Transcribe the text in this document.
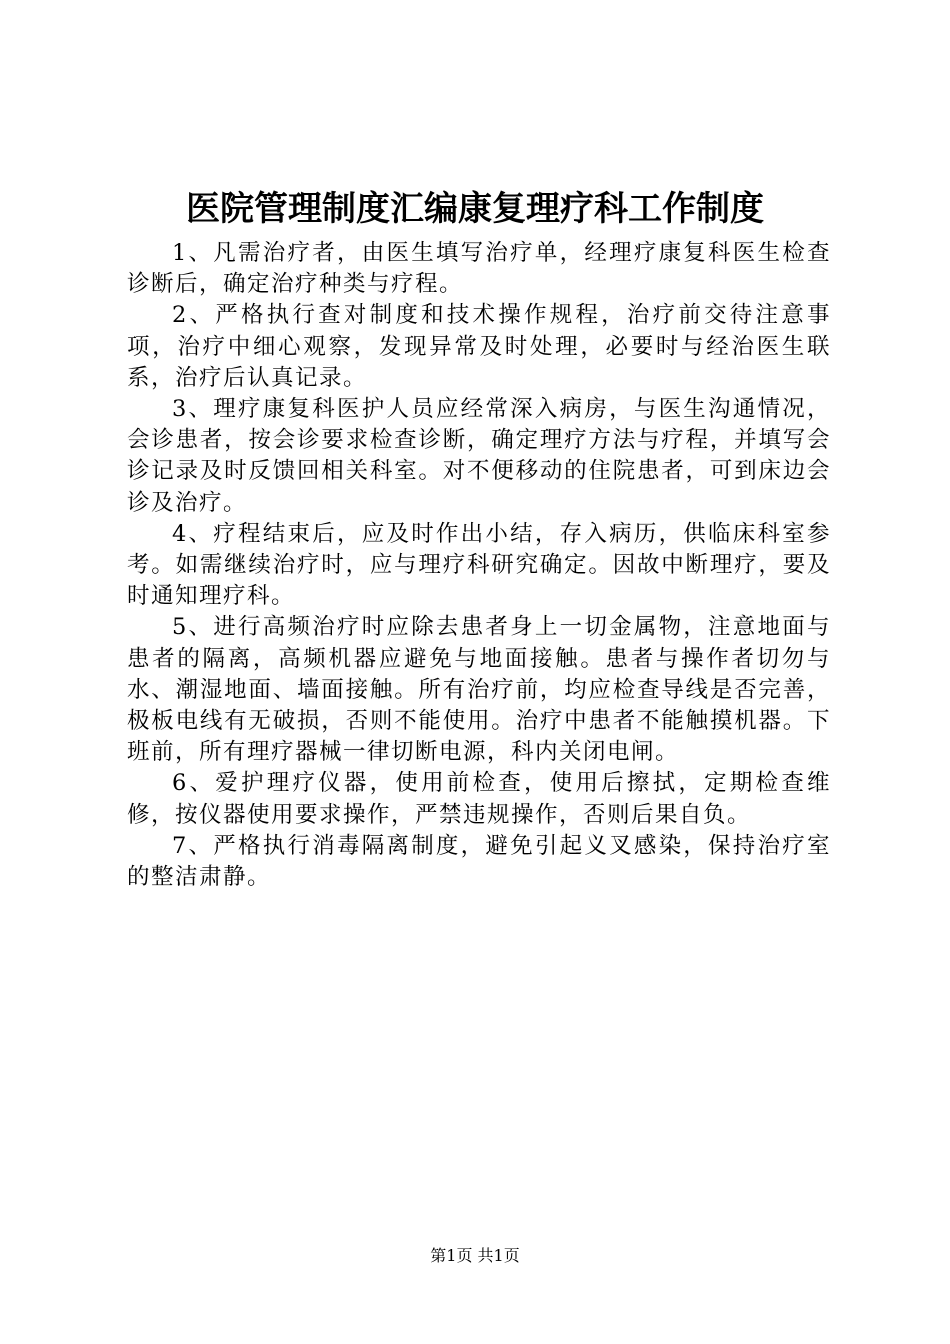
医院管理制度汇编康复理疗科工作制度

1、凡需治疗者，由医生填写治疗单，经理疗康复科医生检查诊断后，确定治疗种类与疗程。

2、严格执行查对制度和技术操作规程，治疗前交待注意事项，治疗中细心观察，发现异常及时处理，必要时与经治医生联系，治疗后认真记录。

3、理疗康复科医护人员应经常深入病房，与医生沟通情况，会诊患者，按会诊要求检查诊断，确定理疗方法与疗程，并填写会诊记录及时反馈回相关科室。对不便移动的住院患者，可到床边会诊及治疗。

4、疗程结束后，应及时作出小结，存入病历，供临床科室参考。如需继续治疗时，应与理疗科研究确定。因故中断理疗，要及时通知理疗科。

5、进行高频治疗时应除去患者身上一切金属物，注意地面与患者的隔离，高频机器应避免与地面接触。患者与操作者切勿与水、潮湿地面、墙面接触。所有治疗前，均应检查导线是否完善，极板电线有无破损，否则不能使用。治疗中患者不能触摸机器。下班前，所有理疗器械一律切断电源，科内关闭电闸。

6、爱护理疗仪器，使用前检查，使用后擦拭，定期检查维修，按仪器使用要求操作，严禁违规操作，否则后果自负。

7、严格执行消毒隔离制度，避免引起义叉感染，保持治疗室的整洁肃静。

第1页 共1页
